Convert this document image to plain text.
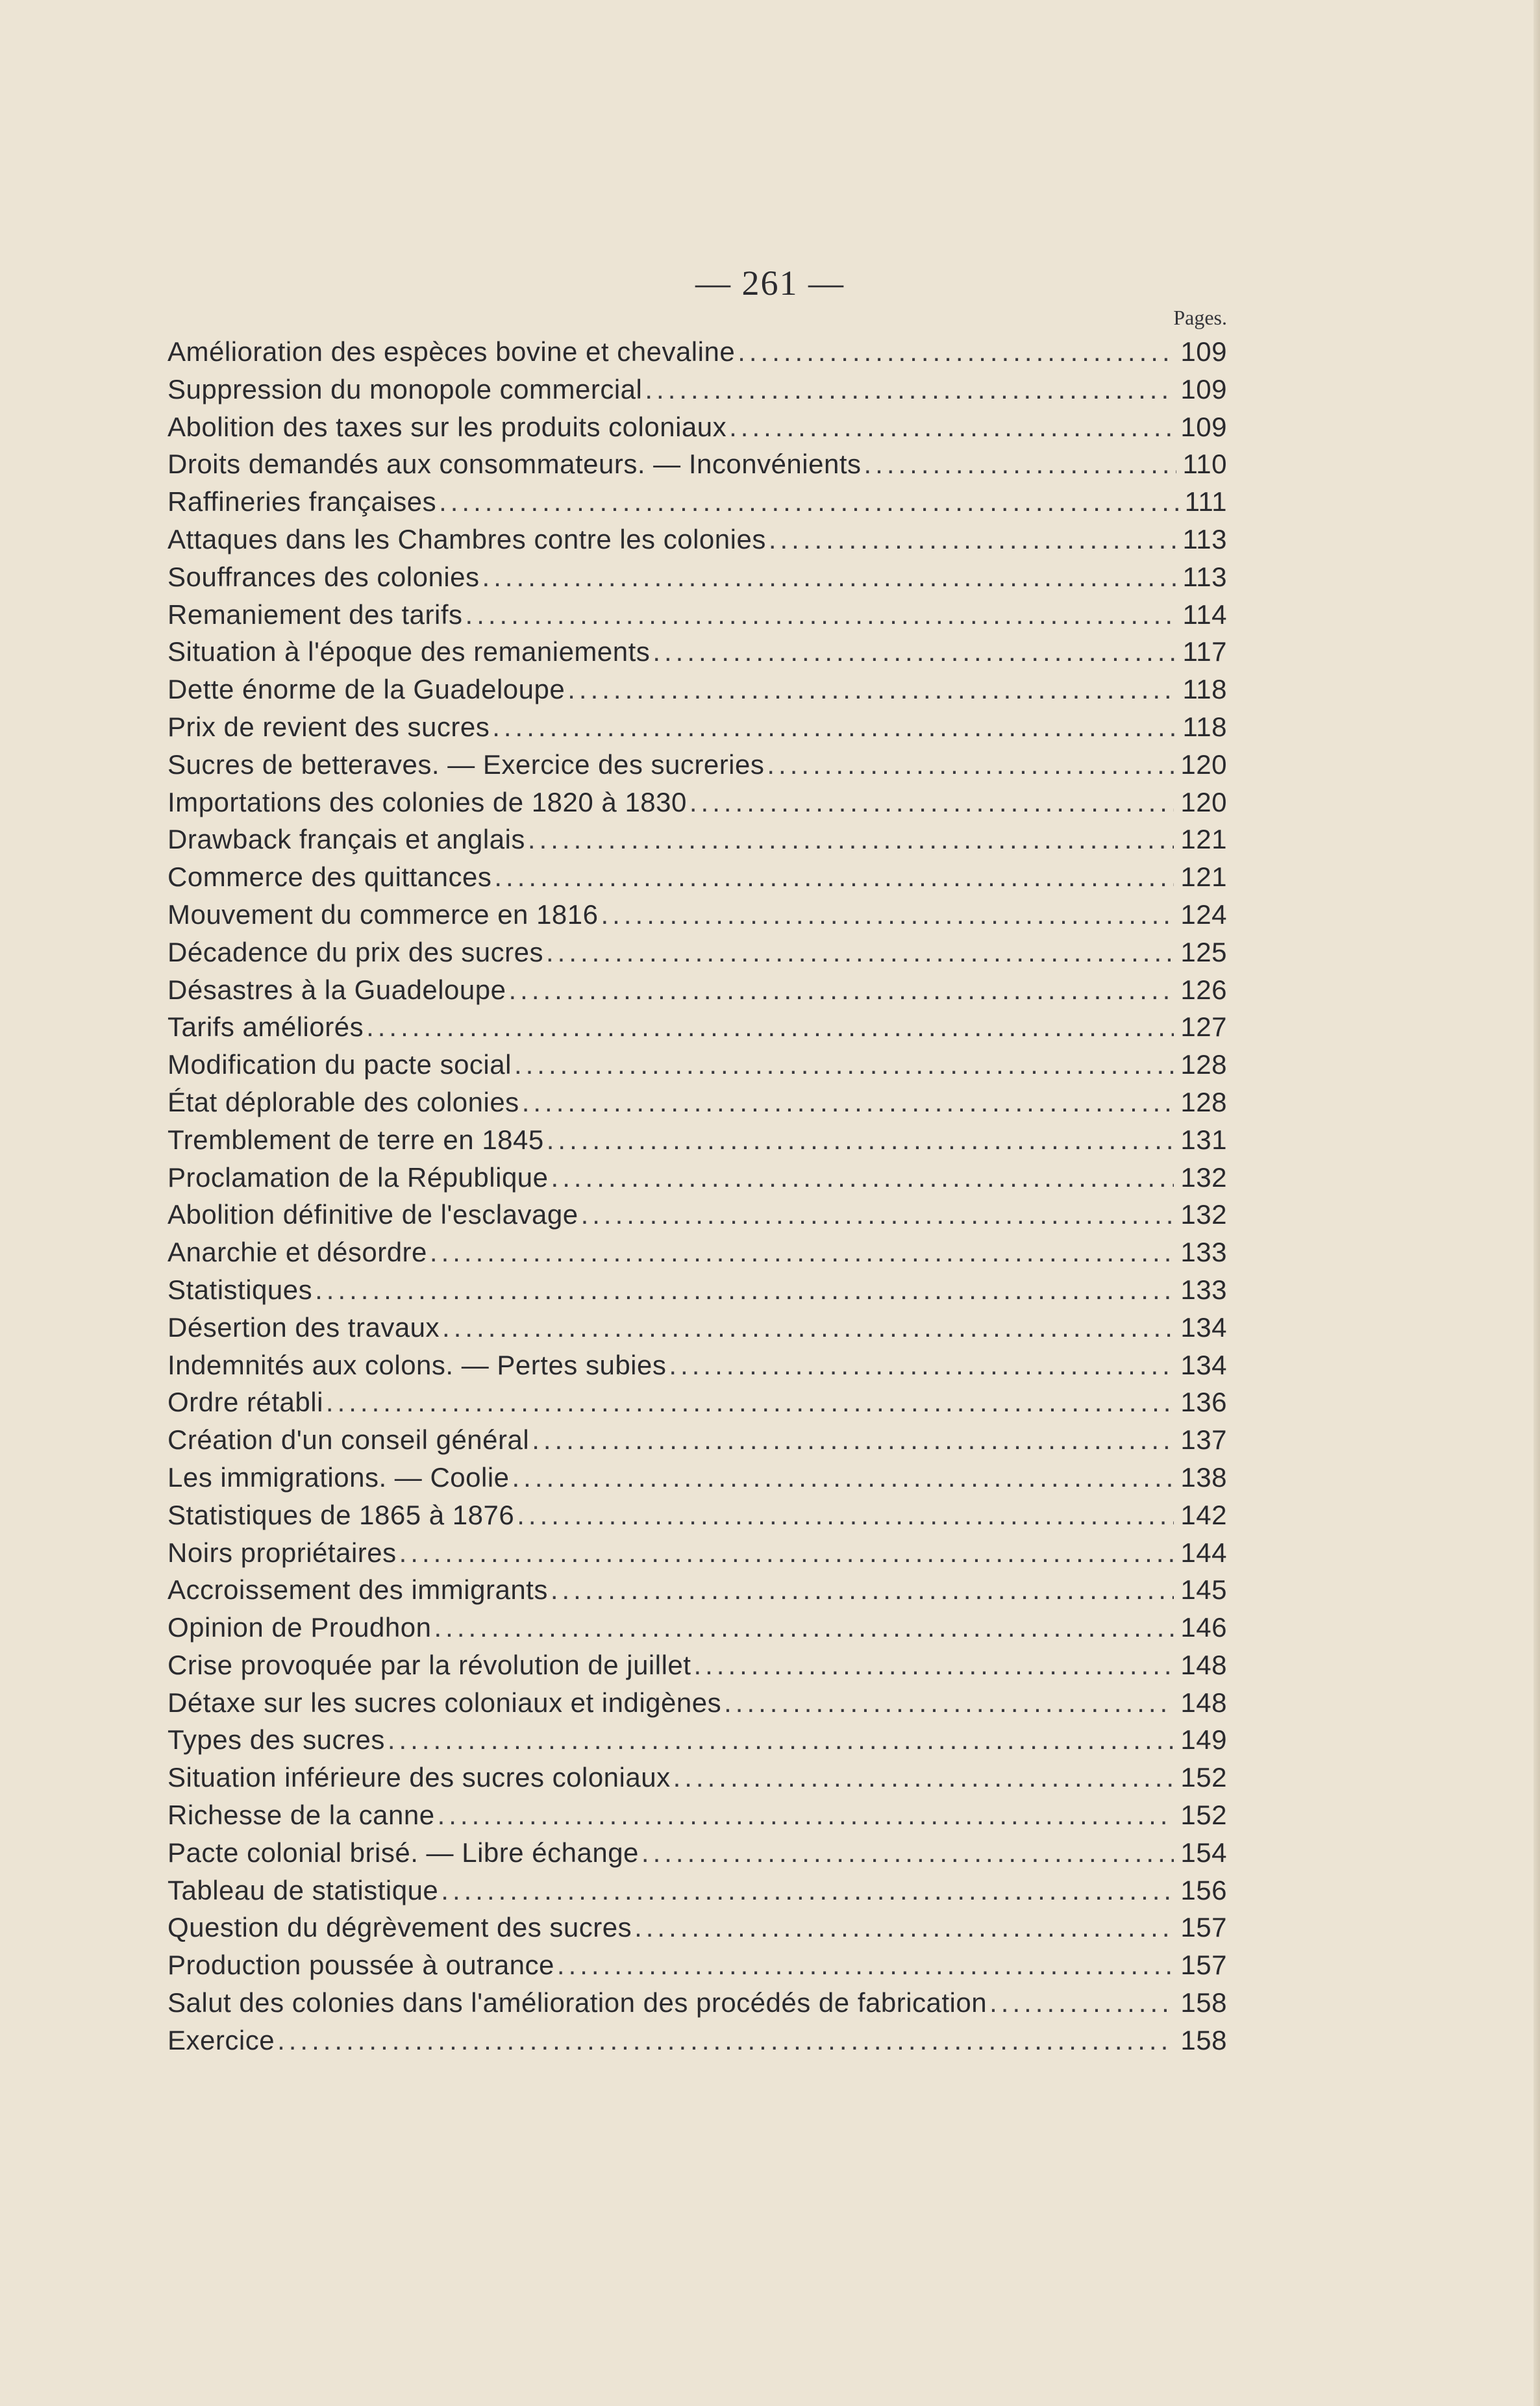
— 261 —
Pages.
Amélioration des espèces bovine et chevaline .....	109
Suppression du monopole commercial .....	109
Abolition des taxes sur les produits coloniaux .....	109
Droits demandés aux consommateurs. — Inconvénients .....	110
Raffineries françaises .....	111
Attaques dans les Chambres contre les colonies .....	113
Souffrances des colonies .....	113
Remaniement des tarifs .....	114
Situation à l'époque des remaniements .....	117
Dette énorme de la Guadeloupe .....	118
Prix de revient des sucres .....	118
Sucres de betteraves. — Exercice des sucreries .....	120
Importations des colonies de 1820 à 1830 .....	120
Drawback français et anglais .....	121
Commerce des quittances .....	121
Mouvement du commerce en 1816 .....	124
Décadence du prix des sucres .....	125
Désastres à la Guadeloupe .....	126
Tarifs améliorés .....	127
Modification du pacte social .....	128
État déplorable des colonies .....	128
Tremblement de terre en 1845 .....	131
Proclamation de la République .....	132
Abolition définitive de l'esclavage .....	132
Anarchie et désordre .....	133
Statistiques .....	133
Désertion des travaux .....	134
Indemnités aux colons. — Pertes subies .....	134
Ordre rétabli .....	136
Création d'un conseil général .....	137
Les immigrations. — Coolie .....	138
Statistiques de 1865 à 1876 .....	142
Noirs propriétaires .....	144
Accroissement des immigrants .....	145
Opinion de Proudhon .....	146
Crise provoquée par la révolution de juillet .....	148
Détaxe sur les sucres coloniaux et indigènes .....	148
Types des sucres .....	149
Situation inférieure des sucres coloniaux .....	152
Richesse de la canne .....	152
Pacte colonial brisé. — Libre échange .....	154
Tableau de statistique .....	156
Question du dégrèvement des sucres .....	157
Production poussée à outrance .....	157
Salut des colonies dans l'amélioration des procédés de fabrication .....	158
Exercice .....	158
